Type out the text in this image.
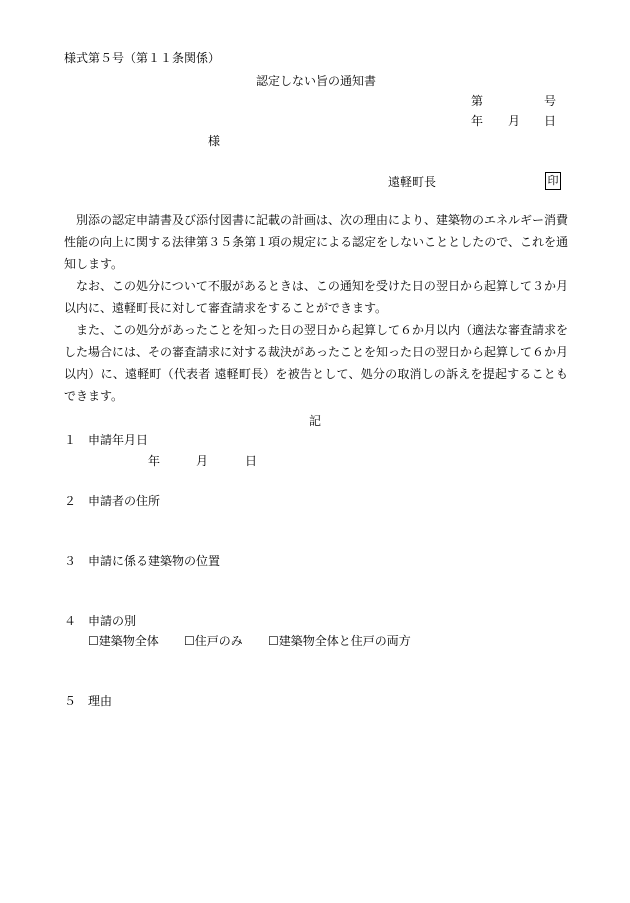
様式第５号（第１１条関係）
認定しない旨の通知書
第	号
年 月 日
様
遠軽町長	印

別添の認定申請書及び添付図書に記載の計画は、次の理由により、建築物のエネルギー消費性能の向上に関する法律第３５条第１項の規定による認定をしないこととしたので、これを通知します。

なお、この処分について不服があるときは、この通知を受けた日の翌日から起算して３か月以内に、遠軽町長に対して審査請求をすることができます。

また、この処分があったことを知った日の翌日から起算して６か月以内（適法な審査請求をした場合には、その審査請求に対する裁決があったことを知った日の翌日から起算して６か月以内）に、遠軽町（代表者 遠軽町長）を被告として、処分の取消しの訴えを提起することもできます。

記
１　申請年月日
年	月	日
２　申請者の住所
３　申請に係る建築物の位置
４　申請の別
☐建築物全体 ☐住戸のみ ☐建築物全体と住戸の両方
５　理由
